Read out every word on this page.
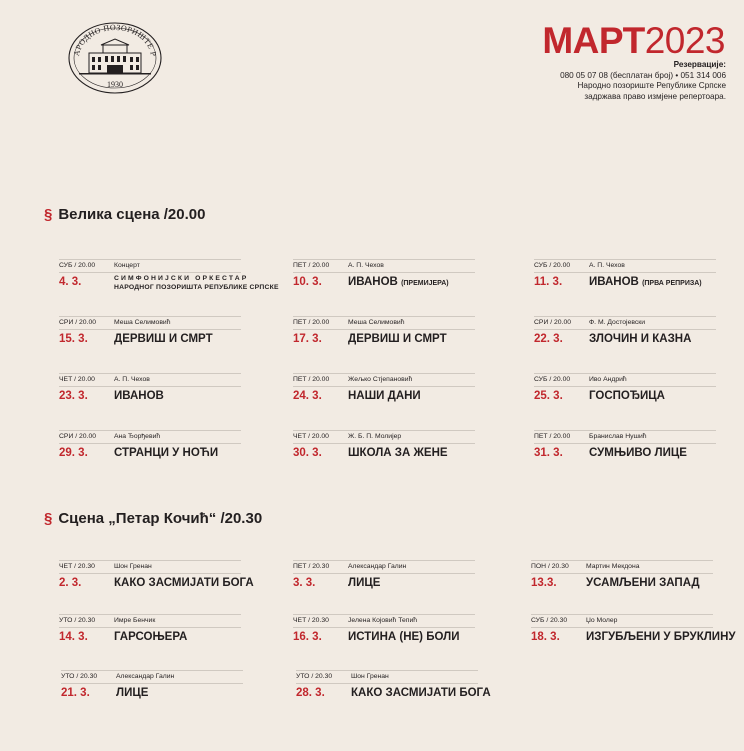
АРОДНО ПОЗОРИШТЕ Р
1930
МАРТ2023
Резервације:
080 05 07 08 (бесплатан број) • 051 314 006
Народно позориште Републике Српске
задржава право измјене репертоара.
§ Велика сцена /20.00
§ Сцена „Петар Кочић“ /20.30
СУБ / 20.00	Концерт
4. 3.	СИМФОНИЈСКИ ОРКЕСТАР
НАРОДНОГ ПОЗОРИШТА РЕПУБЛИКЕ СРПСКЕ
ПЕТ / 20.00	А. П. Чехов
10. 3. ИВАНОВ (ПРЕМИЈЕРА)
СУБ / 20.00	А. П. Чехов
11. 3. ИВАНОВ (ПРВА РЕПРИЗА)
СРИ / 20.00	Меша Селимовић
15. 3. ДЕРВИШ И СМРТ
ПЕТ / 20.00	Меша Селимовић
17. 3. ДЕРВИШ И СМРТ
СРИ / 20.00	Ф. М. Достојевски
22. 3. ЗЛОЧИН И КАЗНА
ЧЕТ / 20.00	А. П. Чехов
23. 3. ИВАНОВ
ПЕТ / 20.00	Жељко Стјепановић
24. 3. НАШИ ДАНИ
СУБ / 20.00	Иво Андрић
25. 3. ГОСПОЂИЦА
СРИ / 20.00	Ана Ђорђевић
29. 3. СТРАНЦИ У НОЋИ
ЧЕТ / 20.00	Ж. Б. П. Молијер
30. 3. ШКОЛА ЗА ЖЕНЕ
ПЕТ / 20.00	Бранислав Нушић
31. 3. СУМЊИВО ЛИЦЕ
ЧЕТ / 20.30	Шон Гренан
2. 3.	КАКО ЗАСМИЈАТИ БОГА
ПЕТ / 20.30	Александар Галин
3. 3.	ЛИЦЕ
ПОН / 20.30	Мартин Мекдона
13.3.	УСАМЉЕНИ ЗАПАД
УТО / 20.30	Имре Бенчик
14. 3. ГАРСОЊЕРА
ЧЕТ / 20.30	Јелена Којовић Тепић
16. 3. ИСТИНА (НЕ) БОЛИ
СУБ / 20.30	Џо Молер
18. 3. ИЗГУБЉЕНИ У БРУКЛИНУ
УТО / 20.30	Александар Галин
21. 3. ЛИЦЕ
УТО / 20.30	Шон Гренан
28. 3. КАКО ЗАСМИЈАТИ БОГА
